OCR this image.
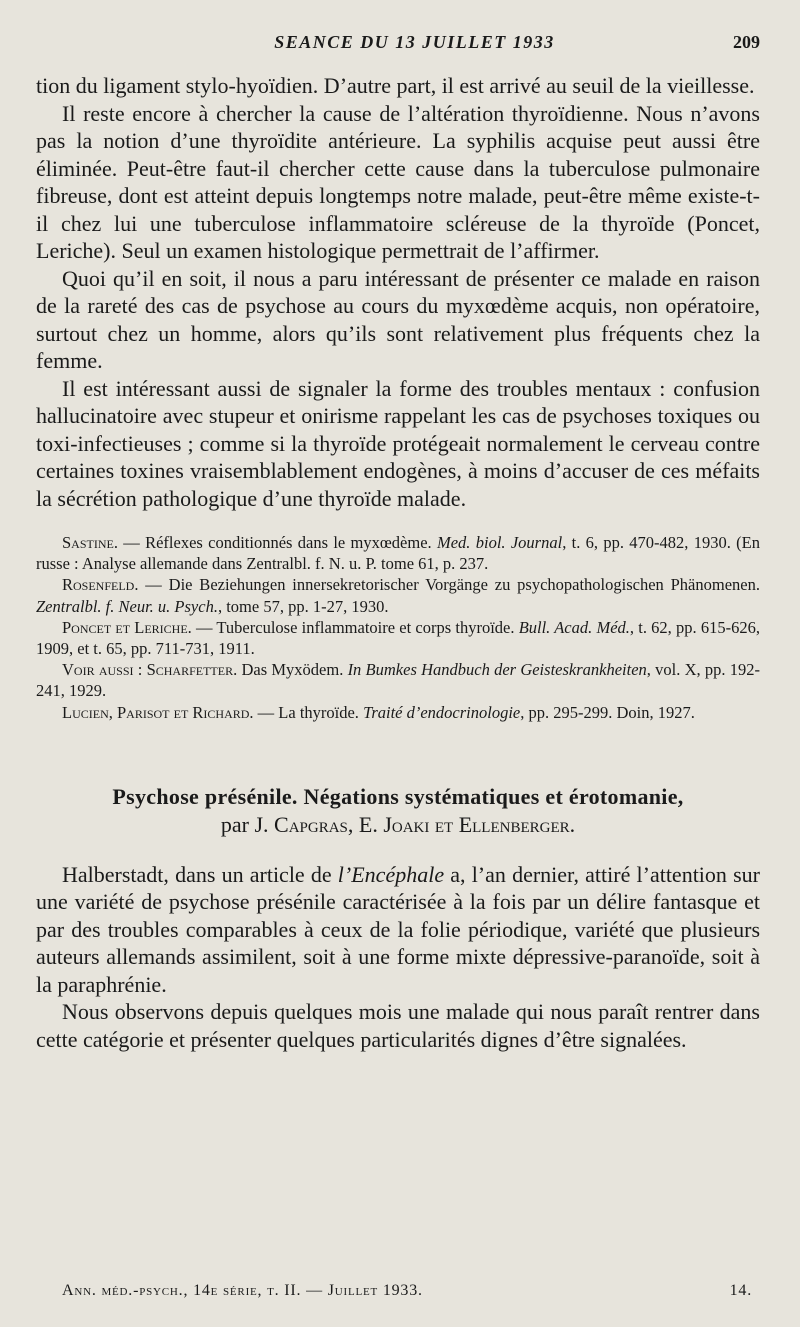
SEANCE DU 13 JUILLET 1933	209

tion du ligament stylo-hyoïdien. D’autre part, il est arrivé au seuil de la vieillesse.

Il reste encore à chercher la cause de l’altération thyroïdienne. Nous n’avons pas la notion d’une thyroïdite antérieure. La syphilis acquise peut aussi être éliminée. Peut-être faut-il chercher cette cause dans la tuberculose pulmonaire fibreuse, dont est atteint depuis longtemps notre malade, peut-être même existe-t-il chez lui une tuberculose inflammatoire scléreuse de la thyroïde (Poncet, Leriche). Seul un examen histologique permettrait de l’affirmer.

Quoi qu’il en soit, il nous a paru intéressant de présenter ce malade en raison de la rareté des cas de psychose au cours du myxœdème acquis, non opératoire, surtout chez un homme, alors qu’ils sont relativement plus fréquents chez la femme.

Il est intéressant aussi de signaler la forme des troubles mentaux : confusion hallucinatoire avec stupeur et onirisme rappelant les cas de psychoses toxiques ou toxi-infectieuses ; comme si la thyroïde protégeait normalement le cerveau contre certaines toxines vraisemblablement endogènes, à moins d’accuser de ces méfaits la sécrétion pathologique d’une thyroïde malade.

Sastine. — Réflexes conditionnés dans le myxœdème. Med. biol. Journal, t. 6, pp. 470-482, 1930. (En russe : Analyse allemande dans Zentralbl. f. N. u. P. tome 61, p. 237.

Rosenfeld. — Die Beziehungen innersekretorischer Vorgänge zu psychopathologischen Phänomenen. Zentralbl. f. Neur. u. Psych., tome 57, pp. 1-27, 1930.

Poncet et Leriche. — Tuberculose inflammatoire et corps thyroïde. Bull. Acad. Méd., t. 62, pp. 615-626, 1909, et t. 65, pp. 711-731, 1911.

Voir aussi : Scharfetter. Das Myxödem. In Bumkes Handbuch der Geisteskrankheiten, vol. X, pp. 192-241, 1929.

Lucien, Parisot et Richard. — La thyroïde. Traité d’endocrinologie, pp. 295-299. Doin, 1927.

Psychose présénile. Négations systématiques et érotomanie,
par J. Capgras, E. Joaki et Ellenberger.

Halberstadt, dans un article de l’Encéphale a, l’an dernier, attiré l’attention sur une variété de psychose présénile caractérisée à la fois par un délire fantasque et par des troubles comparables à ceux de la folie périodique, variété que plusieurs auteurs allemands assimilent, soit à une forme mixte dépressive-paranoïde, soit à la paraphrénie.

Nous observons depuis quelques mois une malade qui nous paraît rentrer dans cette catégorie et présenter quelques particularités dignes d’être signalées.

Ann. méd.-psych., 14e série, t. II. — Juillet 1933.	14.
